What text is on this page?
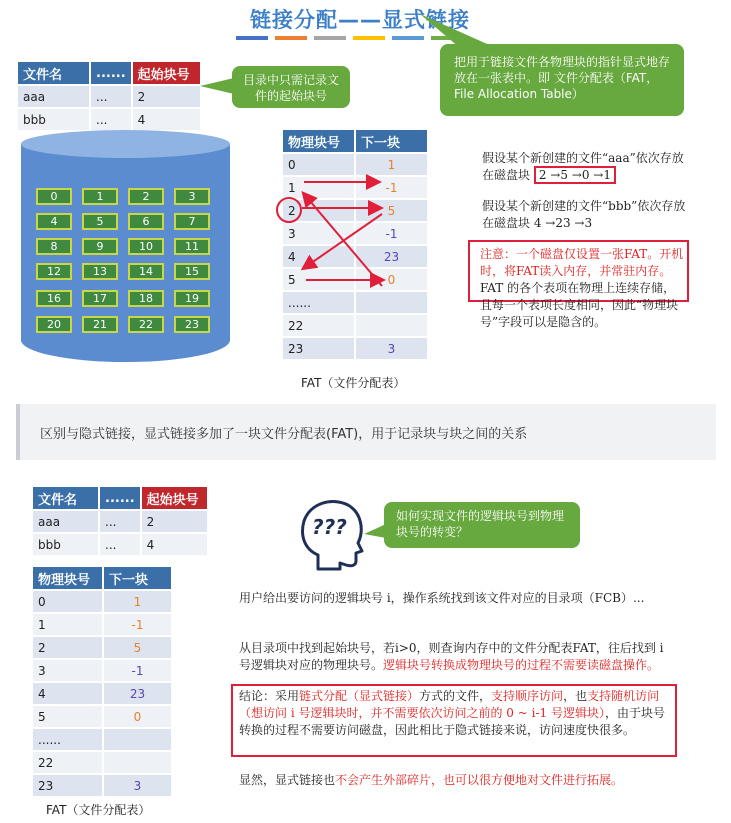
链接分配——显式链接
文件名	......	起始块号
aaa	...	2
bbb	...	4
目录中只需记录文件的起始块号
把用于链接文件各物理块的指针显式地存放在一张表中。即 文件分配表（FAT，File Allocation Table）
0	1	2	3
4	5	6	7
8	9	10	11
12	13	14	15
16	17	18	19
20	21	22	23
物理块号	下一块
0	1
1	-1
2	5
3	-1
4	23
5	0
......	
22	
23	3
FAT（文件分配表）
假设某个新创建的文件“aaa”依次存放在磁盘块 2 →5 →0 →1
假设某个新创建的文件“bbb”依次存放在磁盘块 4 →23 →3
注意：一个磁盘仅设置一张FAT。开机时，将FAT读入内存，并常驻内存。FAT 的各个表项在物理上连续存储，且每一个表项长度相同，因此“物理块号”字段可以是隐含的。
区别与隐式链接，显式链接多加了一块文件分配表(FAT)，用于记录块与块之间的关系
文件名	......	起始块号
aaa	...	2
bbb	...	4
物理块号	下一块
0	1
1	-1
2	5
3	-1
4	23
5	0
......	
22	
23	3
FAT（文件分配表）
???	如何实现文件的逻辑块号到物理块号的转变？
用户给出要访问的逻辑块号 i，操作系统找到该文件对应的目录项（FCB）...
从目录项中找到起始块号，若i>0，则查询内存中的文件分配表FAT，往后找到 i 号逻辑块对应的物理块号。逻辑块号转换成物理块号的过程不需要读磁盘操作。
结论：采用链式分配（显式链接）方式的文件，支持顺序访问，也支持随机访问（想访问 i 号逻辑块时，并不需要依次访问之前的 0 ~ i-1 号逻辑块），由于块号转换的过程不需要访问磁盘，因此相比于隐式链接来说，访问速度快很多。
显然，显式链接也不会产生外部碎片，也可以很方便地对文件进行拓展。
